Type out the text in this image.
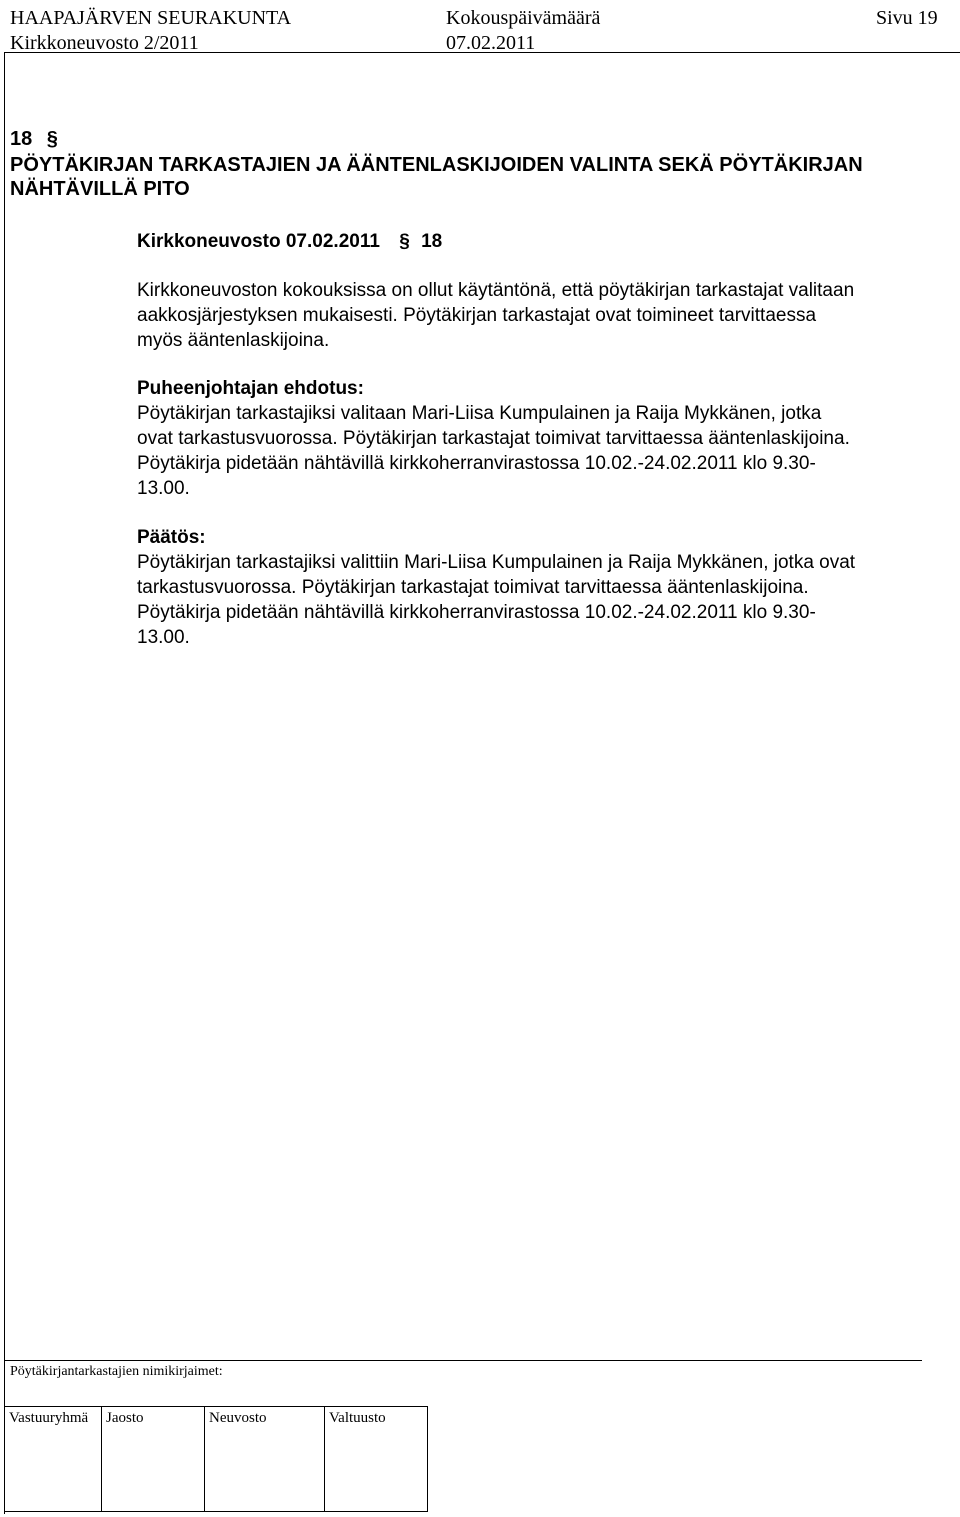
HAAPAJÄRVEN SEURAKUNTA	Kokouspäivämäärä	Sivu 19
Kirkkoneuvosto 2/2011	07.02.2011
18 §
PÖYTÄKIRJAN TARKASTAJIEN JA ÄÄNTENLASKIJOIDEN VALINTA SEKÄ PÖYTÄKIRJAN
NÄHTÄVILLÄ PITO
Kirkkoneuvosto 07.02.2011 § 18
Kirkkoneuvoston kokouksissa on ollut käytäntönä, että pöytäkirjan tarkastajat valitaan
aakkosjärjestyksen mukaisesti. Pöytäkirjan tarkastajat ovat toimineet tarvittaessa
myös ääntenlaskijoina.
Puheenjohtajan ehdotus:
Pöytäkirjan tarkastajiksi valitaan Mari-Liisa Kumpulainen ja Raija Mykkänen, jotka
ovat tarkastusvuorossa. Pöytäkirjan tarkastajat toimivat tarvittaessa ääntenlaskijoina.
Pöytäkirja pidetään nähtävillä kirkkoherranvirastossa 10.02.-24.02.2011 klo 9.30-
13.00.
Päätös:
Pöytäkirjan tarkastajiksi valittiin Mari-Liisa Kumpulainen ja Raija Mykkänen, jotka ovat
tarkastusvuorossa. Pöytäkirjan tarkastajat toimivat tarvittaessa ääntenlaskijoina.
Pöytäkirja pidetään nähtävillä kirkkoherranvirastossa 10.02.-24.02.2011 klo 9.30-
13.00.
Pöytäkirjantarkastajien nimikirjaimet:
Vastuuryhmä	Jaosto	Neuvosto	Valtuusto
